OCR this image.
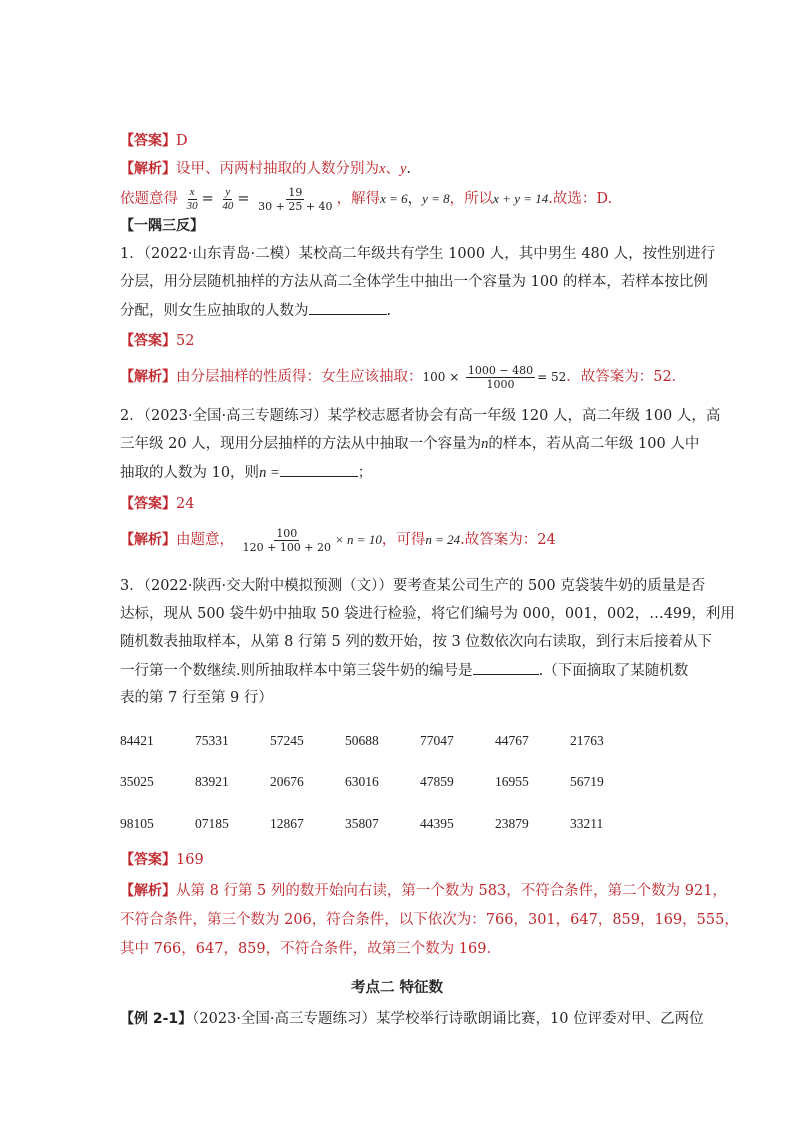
【答案】D
【解析】设甲、丙两村抽取的人数分别为x、y.
依题意得 $\frac{x}{30} = \frac{y}{40} = \frac{19}{30 + 25 + 40}$ ，解得x = 6，y = 8，所以x + y = 14.故选：D.
【一隅三反】
1．（2022·山东青岛·二模）某校高二年级共有学生 1000 人，其中男生 480 人，按性别进行
分层，用分层随机抽样的方法从高二全体学生中抽出一个容量为 100 的样本，若样本按比例
分配，则女生应抽取的人数为	.
【答案】52
【解析】由分层抽样的性质得：女生应该抽取：$100 \times \frac{1000 - 480}{1000} = 52$．故答案为：52．
2．（2023·全国·高三专题练习）某学校志愿者协会有高一年级 120 人，高二年级 100 人，高
三年级 20 人，现用分层抽样的方法从中抽取一个容量为n的样本，若从高二年级 100 人中
抽取的人数为 10，则n =	；
【答案】24
【解析】由题意， $\frac{100}{120 + 100 + 20} \times n = 10$，可得n = 24.故答案为：24
3．（2022·陕西·交大附中模拟预测（文））要考查某公司生产的 500 克袋装牛奶的质量是否
达标，现从 500 袋牛奶中抽取 50 袋进行检验，将它们编号为 000，001，002，…499，利用
随机数表抽取样本，从第 8 行第 5 列的数开始，按 3 位数依次向右读取，到行末后接着从下
一行第一个数继续.则所抽取样本中第三袋牛奶的编号是	.（下面摘取了某随机数
表的第 7 行至第 9 行）
84421	75331	57245	50688	77047	44767	21763
35025	83921	20676	63016	47859	16955	56719
98105	07185	12867	35807	44395	23879	33211
【答案】169
【解析】从第 8 行第 5 列的数开始向右读，第一个数为 583，不符合条件，第二个数为 921，
不符合条件，第三个数为 206，符合条件，以下依次为：766，301，647，859，169，555，
其中 766，647，859，不符合条件，故第三个数为 169．
考点二 特征数
【例 2-1】（2023·全国·高三专题练习）某学校举行诗歌朗诵比赛，10 位评委对甲、乙两位
